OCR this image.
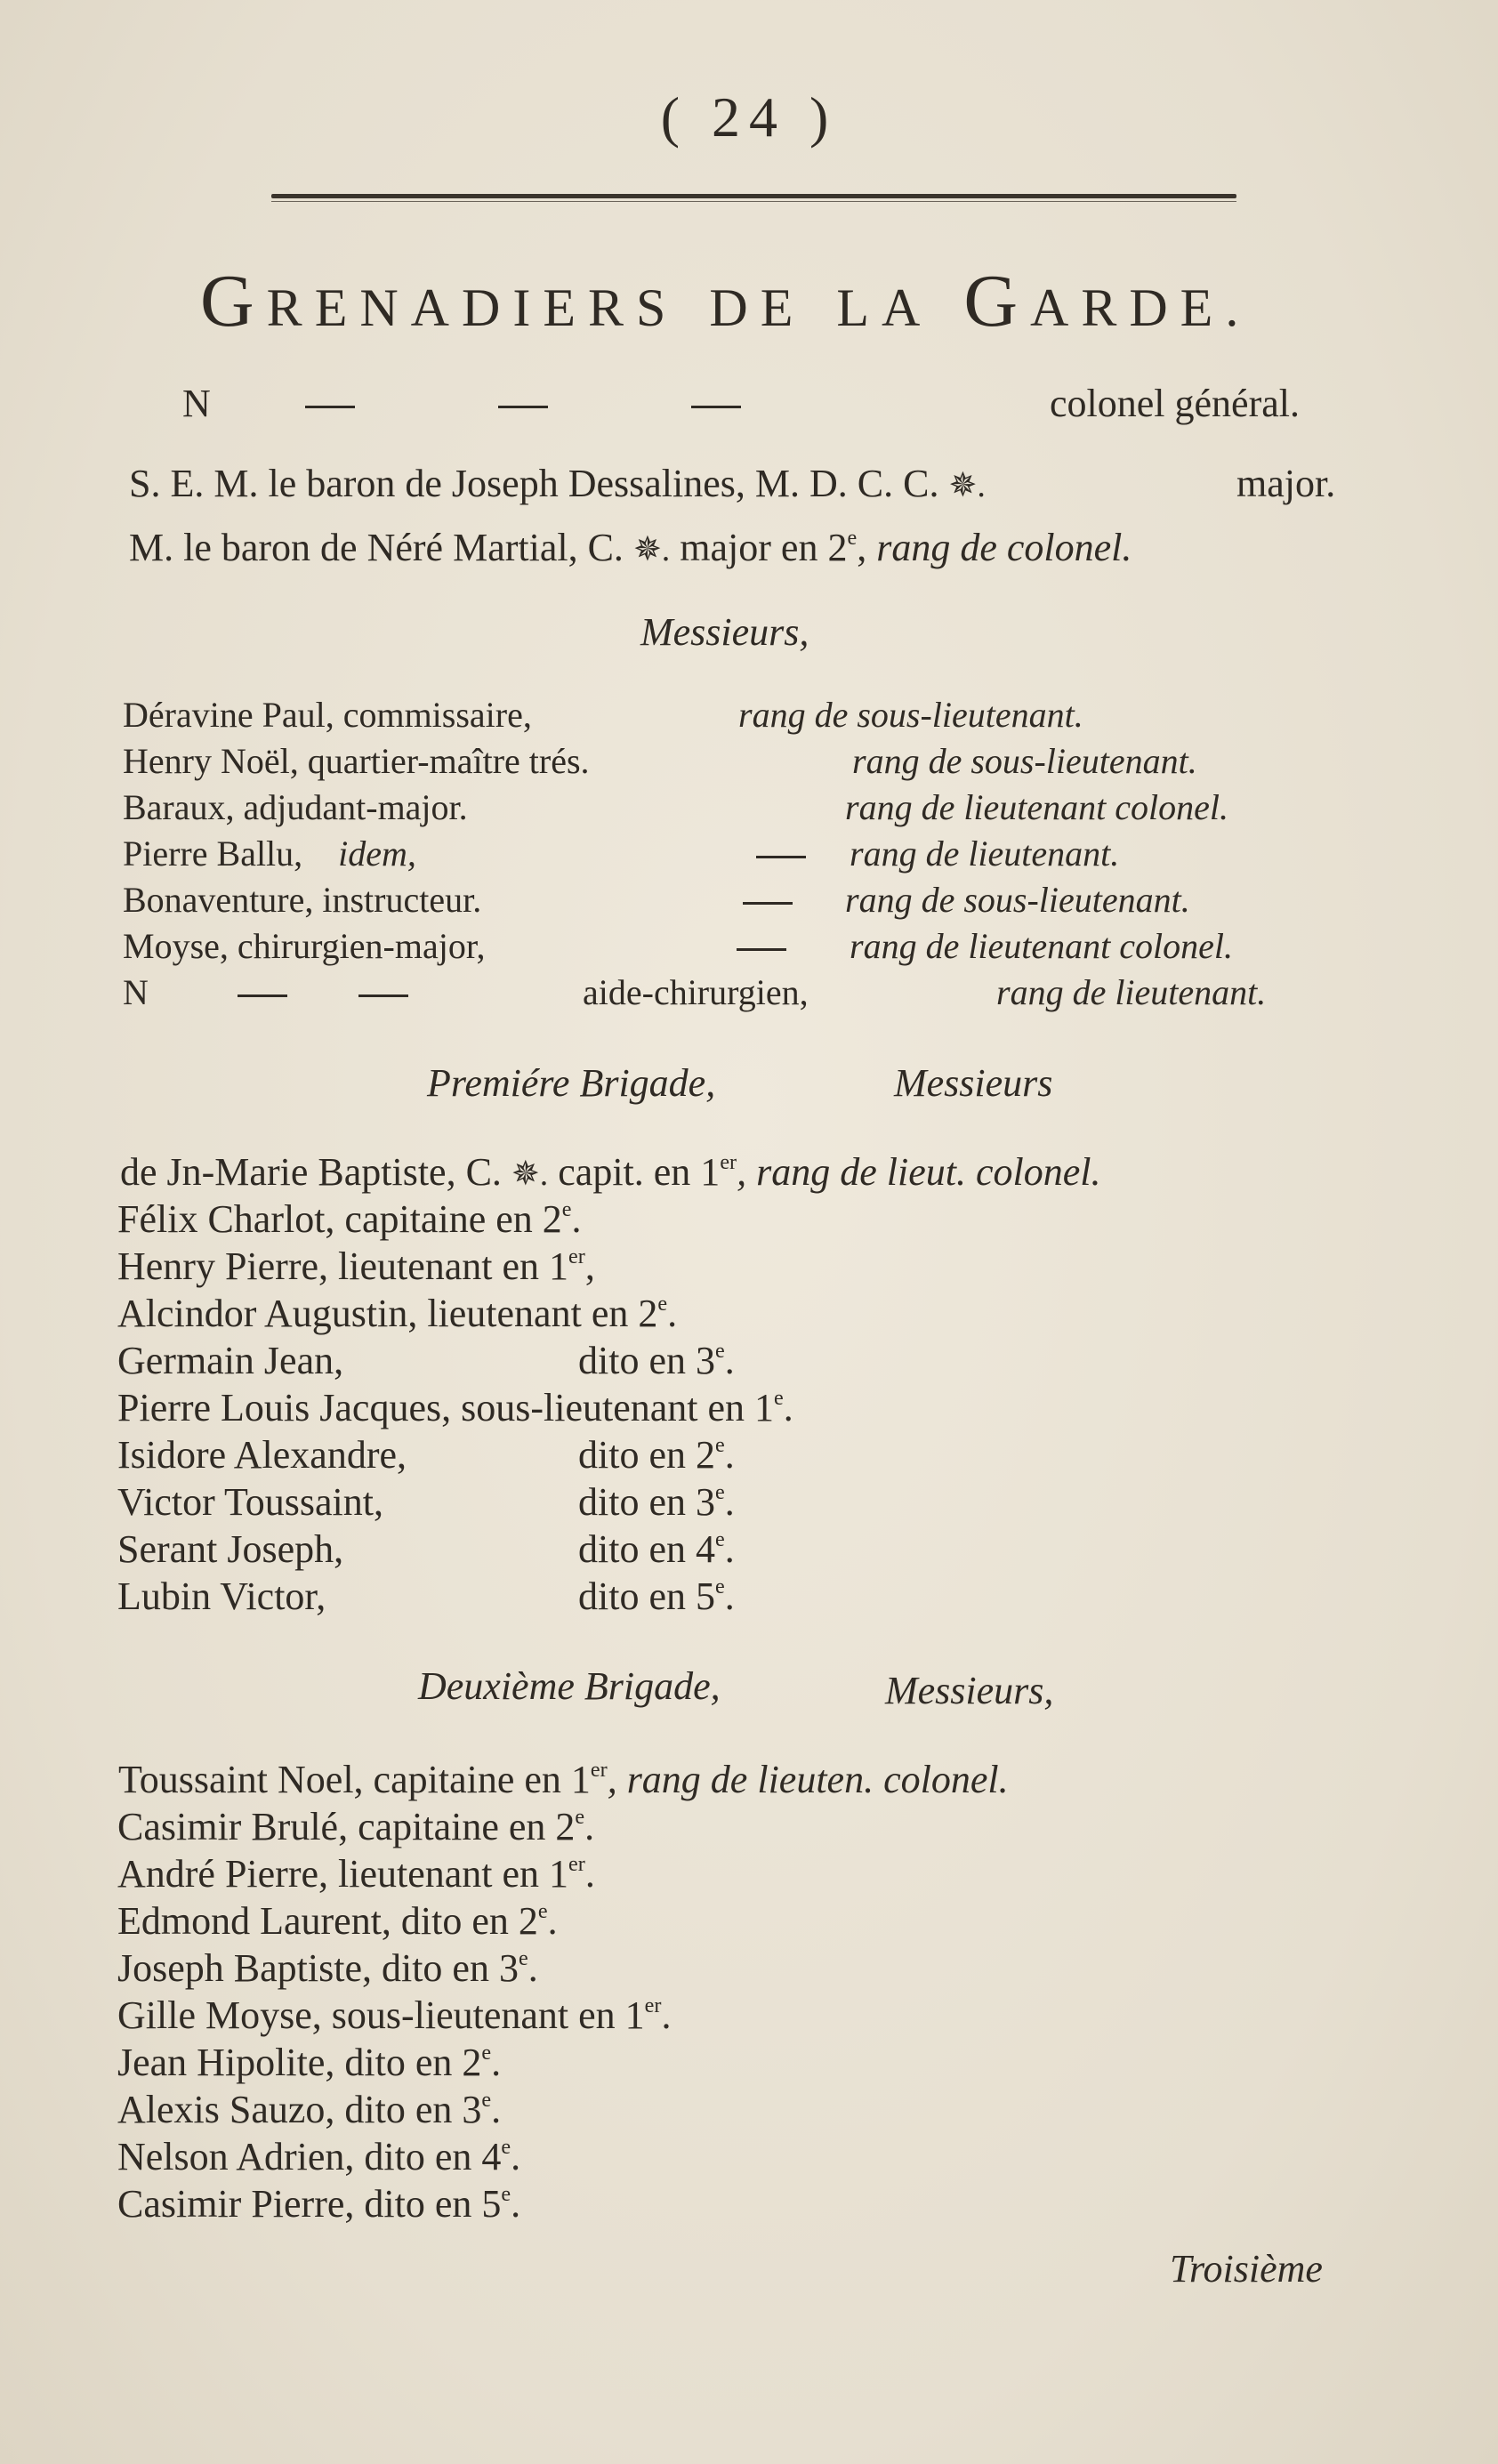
( 24 )
GRENADIERS DE LA GARDE.
N	colonel général.
S. E. M. le baron de Joseph Dessalines, M. D. C. C. ✵.	major.
M. le baron de Néré Martial, C. ✵. major en 2e, rang de colonel.
Messieurs,
Déravine Paul, commissaire,	rang de sous-lieutenant.
Henry Noël, quartier-maître trés.	rang de sous-lieutenant.
Baraux, adjudant-major.	rang de lieutenant colonel.
Pierre Ballu, idem,	rang de lieutenant.
Bonaventure, instructeur.	rang de sous-lieutenant.
Moyse, chirurgien-major,	rang de lieutenant colonel.
N	aide-chirurgien,	rang de lieutenant.
Premiére Brigade,	Messieurs
de Jn-Marie Baptiste, C. ✵. capit. en 1er, rang de lieut. colonel.
Félix Charlot, capitaine en 2e.
Henry Pierre, lieutenant en 1er,
Alcindor Augustin, lieutenant en 2e.
Germain Jean,	dito en 3e.
Pierre Louis Jacques, sous-lieutenant en 1e.
Isidore Alexandre,	dito en 2e.
Victor Toussaint,	dito en 3e.
Serant Joseph,	dito en 4e.
Lubin Victor,	dito en 5e.
Deuxième Brigade,	Messieurs,
Toussaint Noel, capitaine en 1er, rang de lieuten. colonel.
Casimir Brulé, capitaine en 2e.
André Pierre, lieutenant en 1er.
Edmond Laurent, dito en 2e.
Joseph Baptiste, dito en 3e.
Gille Moyse, sous-lieutenant en 1er.
Jean Hipolite, dito en 2e.
Alexis Sauzo, dito en 3e.
Nelson Adrien, dito en 4e.
Casimir Pierre, dito en 5e.
Troisième
